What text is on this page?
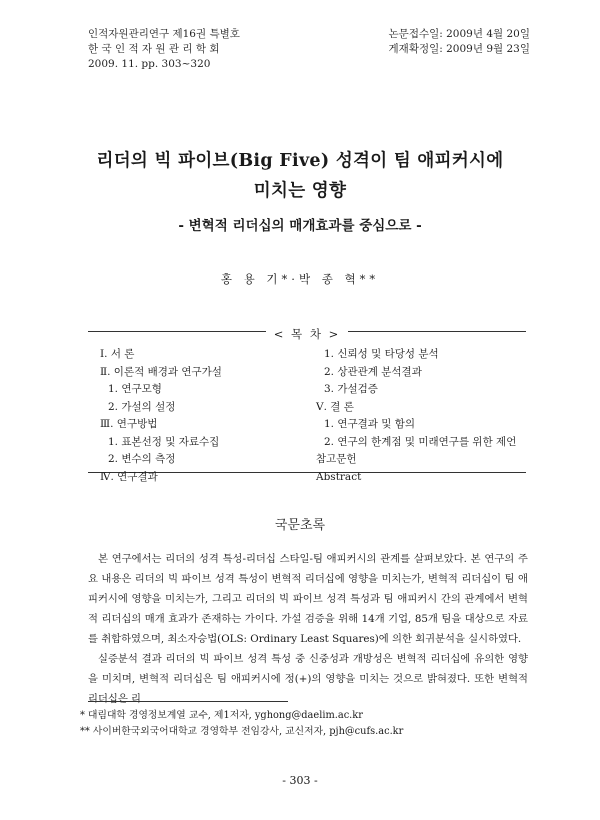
인적자원관리연구 제16권 특별호
한 국 인 적 자 원 관 리 학 회
2009. 11. pp. 303~320
논문접수일: 2009년 4월 20일
게재확정일: 2009년 9월 23일
리더의 빅 파이브(Big Five) 성격이 팀 애피커시에
미치는 영향
- 변혁적 리더십의 매개효과를 중심으로 -
홍 용 기*·박 종 혁**
< 목 차 >
Ⅰ. 서 론
Ⅱ. 이론적 배경과 연구가설
1. 연구모형
2. 가설의 설정
Ⅲ. 연구방법
1. 표본선정 및 자료수집
2. 변수의 측정
Ⅳ. 연구결과
1. 신뢰성 및 타당성 분석
2. 상관관계 분석결과
3. 가설검증
Ⅴ. 결 론
1. 연구결과 및 함의
2. 연구의 한계점 및 미래연구를 위한 제언
참고문헌
Abstract
국문초록

본 연구에서는 리더의 성격 특성-리더십 스타일-팀 애피커시의 관계를 살펴보았다. 본 연구의 주요 내용은 리더의 빅 파이브 성격 특성이 변혁적 리더십에 영향을 미치는가, 변혁적 리더십이 팀 애피커시에 영향을 미치는가, 그리고 리더의 빅 파이브 성격 특성과 팀 애피커시 간의 관계에서 변혁적 리더십의 매개 효과가 존재하는 가이다. 가설 검증을 위해 14개 기업, 85개 팀을 대상으로 자료를 취합하였으며, 최소자승법(OLS: Ordinary Least Squares)에 의한 회귀분석을 실시하였다.

실증분석 결과 리더의 빅 파이브 성격 특성 중 신중성과 개방성은 변혁적 리더십에 유의한 영향을 미치며, 변혁적 리더십은 팀 애피커시에 정(+)의 영향을 미치는 것으로 밝혀졌다. 또한 변혁적 리더십은 리

* 대림대학 경영정보계열 교수, 제1저자, yghong@daelim.ac.kr
** 사이버한국외국어대학교 경영학부 전임강사, 교신저자, pjh@cufs.ac.kr
- 303 -
